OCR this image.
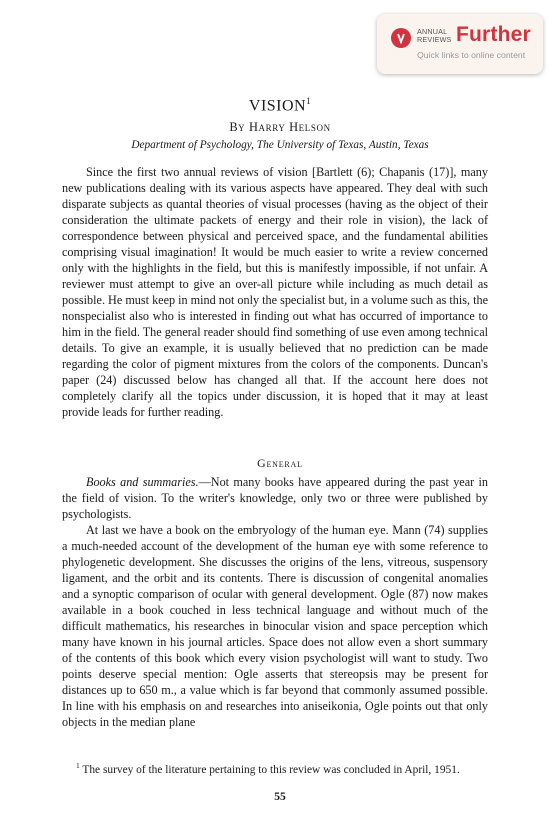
ANNUAL
REVIEWS Further
Quick links to online content
VISION$^1$
By Harry Helson
Department of Psychology, The University of Texas, Austin, Texas

Since the first two annual reviews of vision [Bartlett (6); Chapanis (17)], many new publications dealing with its various aspects have appeared. They deal with such disparate subjects as quantal theories of visual processes (having as the object of their consideration the ultimate packets of energy and their role in vision), the lack of correspondence between physical and perceived space, and the fundamental abilities comprising visual imagination! It would be much easier to write a review concerned only with the highlights in the field, but this is manifestly impossible, if not unfair. A reviewer must attempt to give an over-all picture while including as much detail as possible. He must keep in mind not only the specialist but, in a volume such as this, the nonspecialist also who is interested in finding out what has occurred of importance to him in the field. The general reader should find something of use even among technical details. To give an example, it is usually believed that no prediction can be made regarding the color of pigment mixtures from the colors of the components. Duncan's paper (24) discussed below has changed all that. If the account here does not completely clarify all the topics under discussion, it is hoped that it may at least provide leads for further reading.

General

Books and summaries.—Not many books have appeared during the past year in the field of vision. To the writer's knowledge, only two or three were published by psychologists.

At last we have a book on the embryology of the human eye. Mann (74) supplies a much-needed account of the development of the human eye with some reference to phylogenetic development. She discusses the origins of the lens, vitreous, suspensory ligament, and the orbit and its contents. There is discussion of congenital anomalies and a synoptic comparison of ocular with general development. Ogle (87) now makes available in a book couched in less technical language and without much of the difficult mathematics, his researches in binocular vision and space perception which many have known in his journal articles. Space does not allow even a short summary of the contents of this book which every vision psychologist will want to study. Two points deserve special mention: Ogle asserts that stereopsis may be present for distances up to 650 m., a value which is far beyond that commonly assumed possible. In line with his emphasis on and researches into aniseikonia, Ogle points out that only objects in the median plane

$^1$ The survey of the literature pertaining to this review was concluded in April, 1951.

55
